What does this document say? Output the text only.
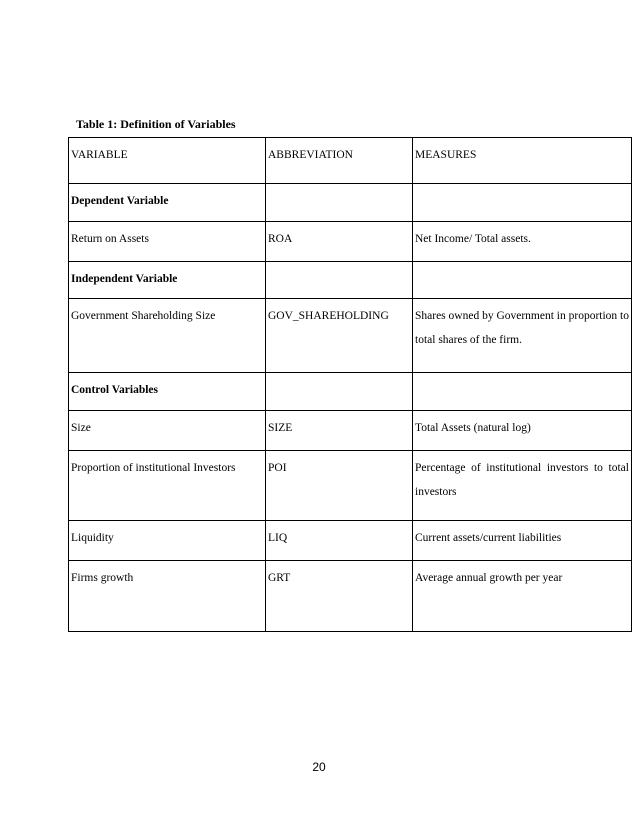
Table 1: Definition of Variables
VARIABLE	ABBREVIATION	MEASURES
Dependent Variable		
Return on Assets	ROA	Net Income/ Total assets.
Independent Variable		
Government Shareholding Size	GOV_SHAREHOLDING	Shares owned by Government in proportion to total shares of the firm.

Control Variables		
Size	SIZE	Total Assets (natural log)
Proportion of institutional Investors	POI	Percentage of institutional investors to total investors

Liquidity	LIQ	Current assets/current liabilities
Firms growth	GRT	Average annual growth per year
20
